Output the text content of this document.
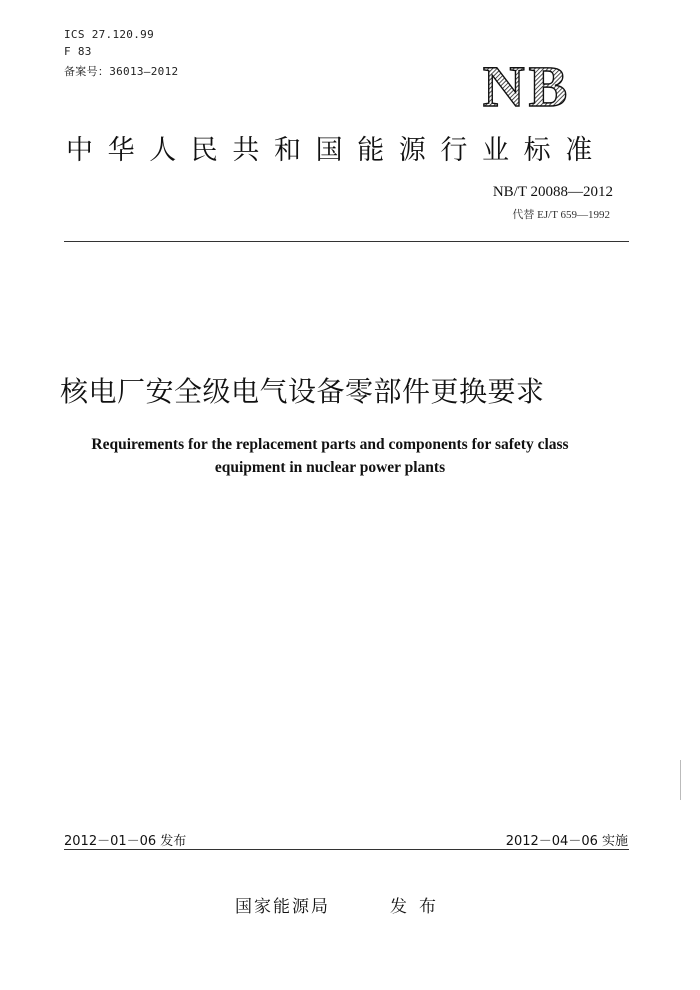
ICS 27.120.99
F 83
备案号：36013—2012	NB
中华人民共和国能源行业标准
NB/T 20088—2012
代替 EJ/T 659—1992
核电厂安全级电气设备零部件更换要求
Requirements for the replacement parts and components for safety class
equipment in nuclear power plants
2012－01－06 发布	2012－04－06 实施
国家能源局	发布
